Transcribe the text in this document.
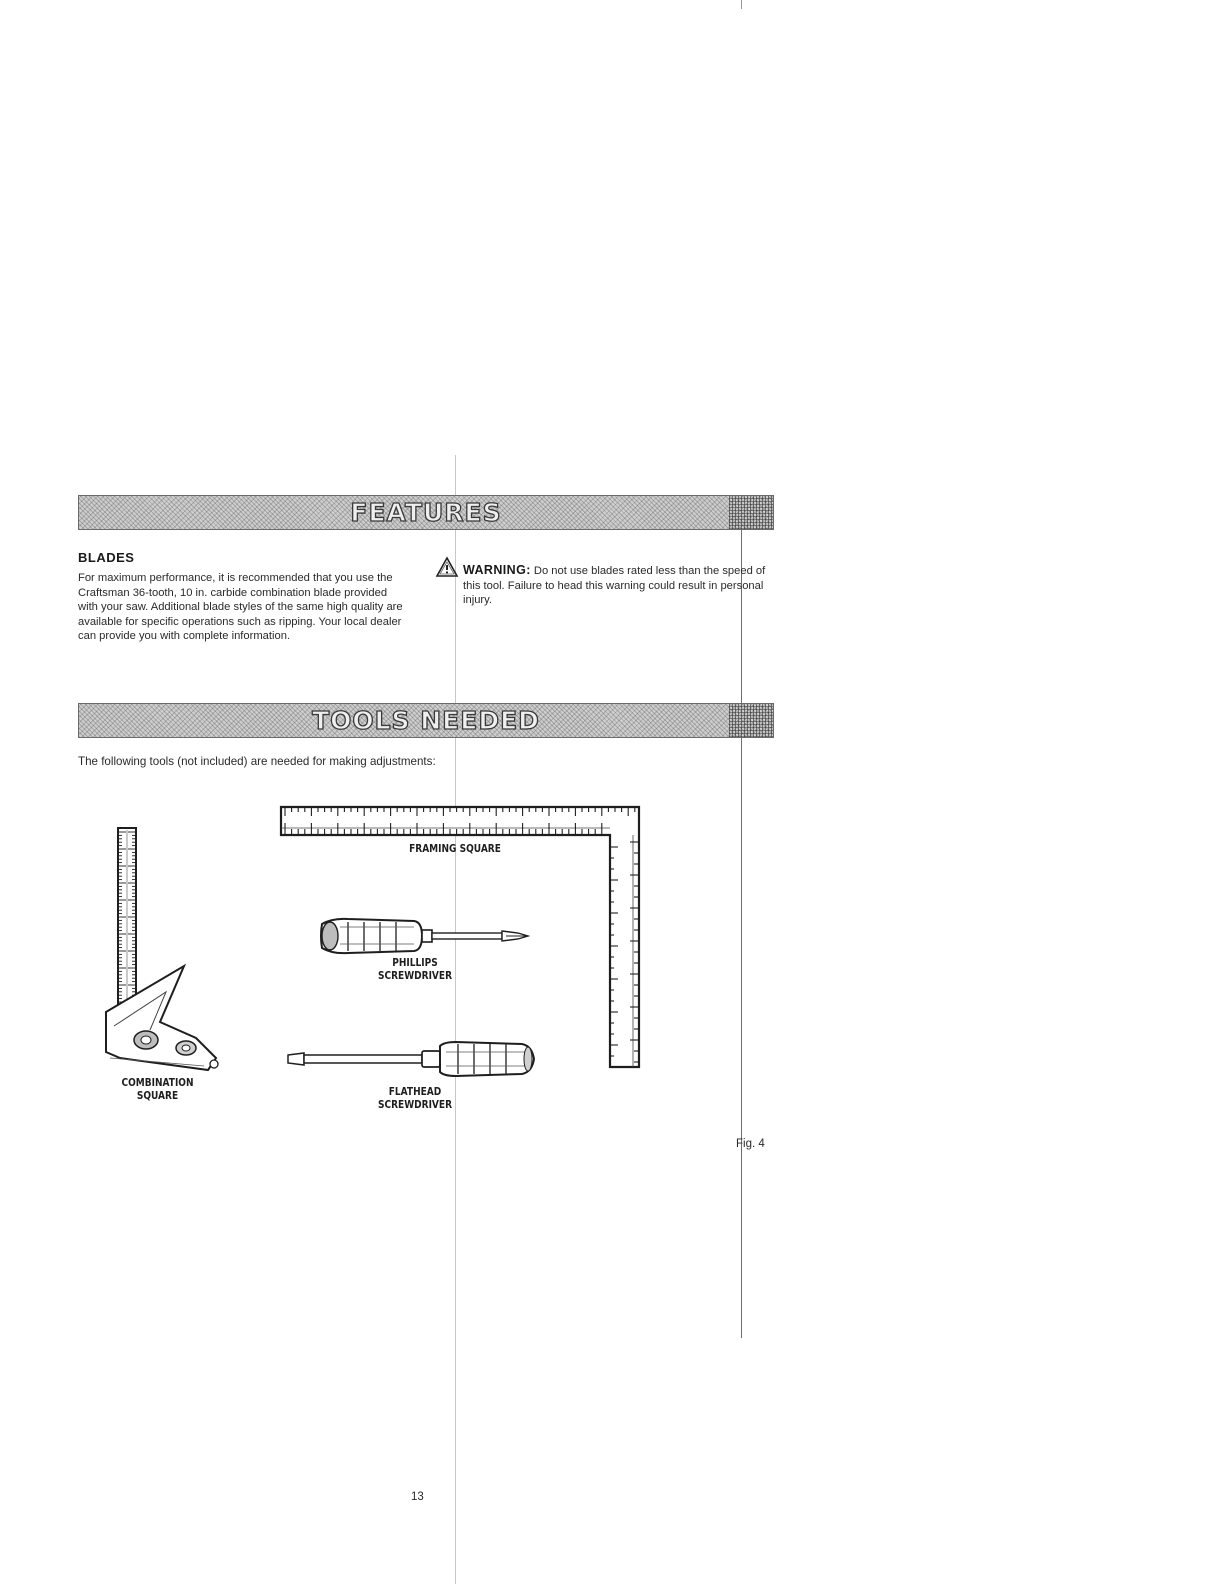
FEATURES
BLADES
For maximum performance, it is recommended that you use the Craftsman 36-tooth, 10 in. carbide combination blade provided with your saw. Additional blade styles of the same high quality are available for specific operations such as ripping. Your local dealer can provide you with complete information.
WARNING: Do not use blades rated less than the speed of this tool. Failure to head this warning could result in personal injury.
TOOLS NEEDED
The following tools (not included) are needed for making adjustments:
FRAMING SQUARE
PHILLIPS
SCREWDRIVER
FLATHEAD
SCREWDRIVER
COMBINATION
SQUARE
Fig. 4
13
